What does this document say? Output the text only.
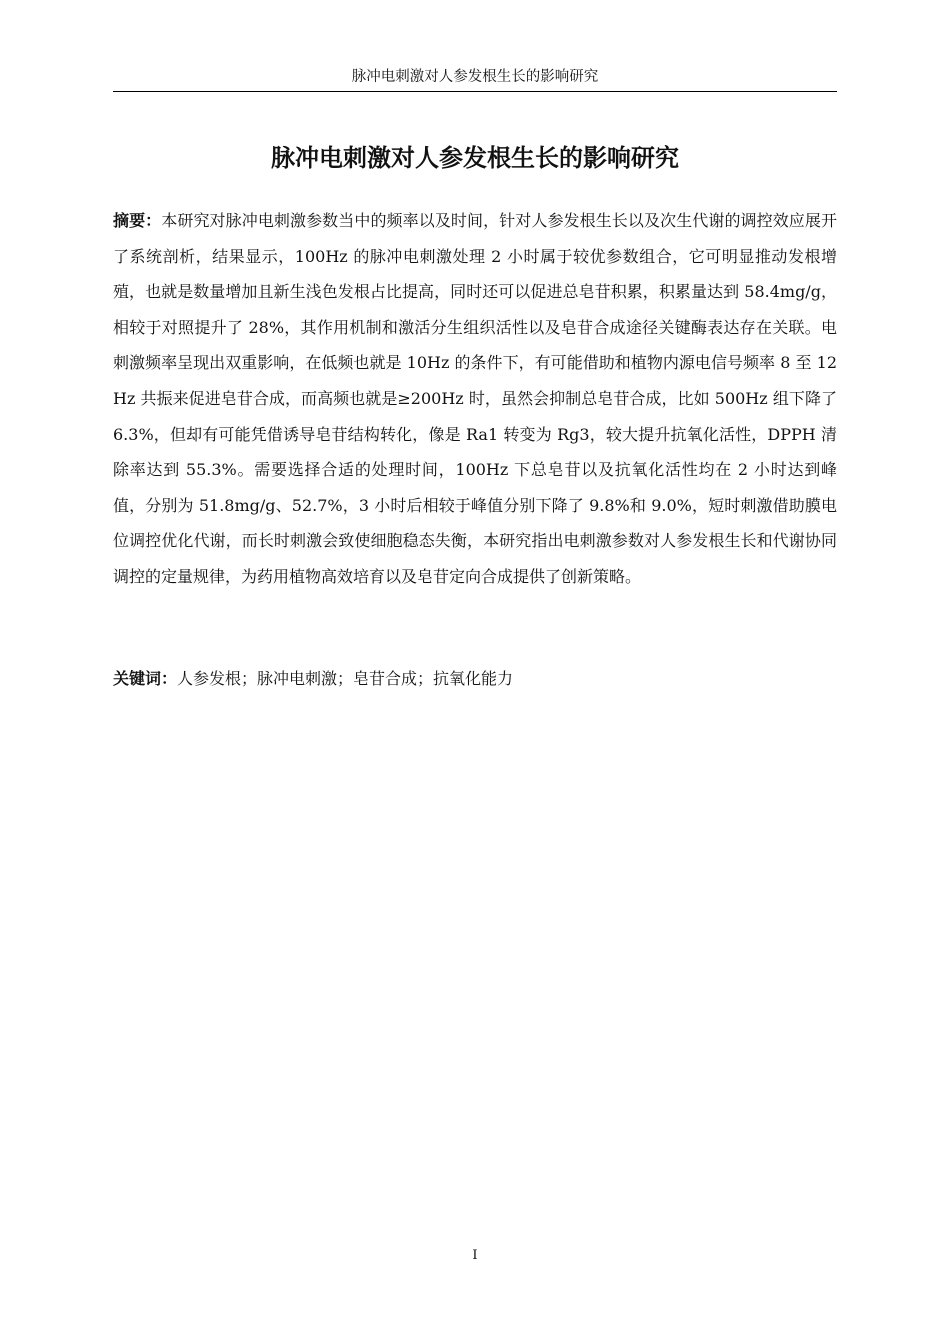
脉冲电刺激对人参发根生长的影响研究
脉冲电刺激对人参发根生长的影响研究

摘要：本研究对脉冲电刺激参数当中的频率以及时间，针对人参发根生长以及次生代谢的调控效应展开了系统剖析，结果显示，100Hz 的脉冲电刺激处理 2 小时属于较优参数组合，它可明显推动发根增殖，也就是数量增加且新生浅色发根占比提高，同时还可以促进总皂苷积累，积累量达到 58.4mg/g，相较于对照提升了 28%，其作用机制和激活分生组织活性以及皂苷合成途径关键酶表达存在关联。电刺激频率呈现出双重影响，在低频也就是 10Hz 的条件下，有可能借助和植物内源电信号频率 8 至 12Hz 共振来促进皂苷合成，而高频也就是≥200Hz 时，虽然会抑制总皂苷合成，比如 500Hz 组下降了 6.3%，但却有可能凭借诱导皂苷结构转化，像是 Ra1 转变为 Rg3，较大提升抗氧化活性，DPPH 清除率达到 55.3%。需要选择合适的处理时间，100Hz 下总皂苷以及抗氧化活性均在 2 小时达到峰值，分别为 51.8mg/g、52.7%，3 小时后相较于峰值分别下降了 9.8%和 9.0%，短时刺激借助膜电位调控优化代谢，而长时刺激会致使细胞稳态失衡，本研究指出电刺激参数对人参发根生长和代谢协同调控的定量规律，为药用植物高效培育以及皂苷定向合成提供了创新策略。

关键词：人参发根；脉冲电刺激；皂苷合成；抗氧化能力

I
